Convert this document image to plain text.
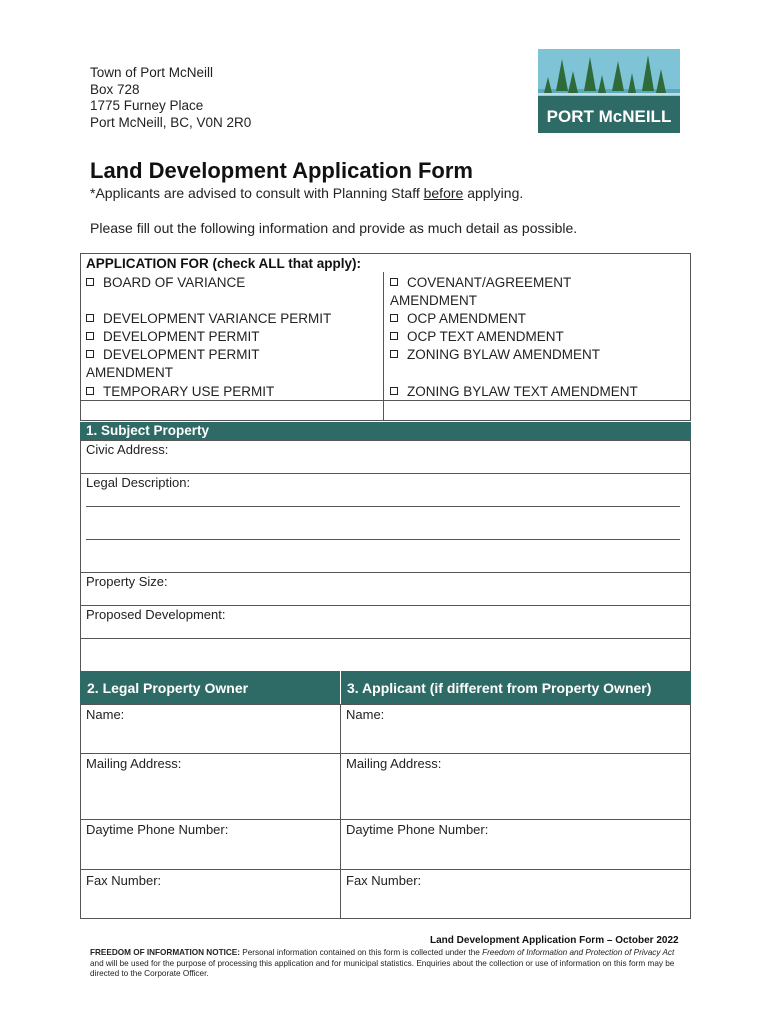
Town of Port McNeill
Box 728
1775 Furney Place
Port McNeill, BC, V0N 2R0	PORT McNEILL
Land Development Application Form
*Applicants are advised to consult with Planning Staff before applying.
Please fill out the following information and provide as much detail as possible.
APPLICATION FOR (check ALL that apply):
BOARD OF VARIANCE
DEVELOPMENT VARIANCE PERMIT
DEVELOPMENT PERMIT
DEVELOPMENT PERMIT AMENDMENT
TEMPORARY USE PERMIT
COVENANT/AGREEMENT AMENDMENT
OCP AMENDMENT
OCP TEXT AMENDMENT
ZONING BYLAW AMENDMENT
ZONING BYLAW TEXT AMENDMENT
1. Subject Property
Civic Address:
Legal Description:
Property Size:
Proposed Development:
2. Legal Property Owner	3. Applicant (if different from Property Owner)
Name:
Mailing Address:
Daytime Phone Number:
Fax Number:
Name:
Mailing Address:
Daytime Phone Number:
Fax Number:
Land Development Application Form – October 2022
FREEDOM OF INFORMATION NOTICE: Personal information contained on this form is collected under the Freedom of Information and Protection of Privacy Act and will be used for the purpose of processing this application and for municipal statistics. Enquiries about the collection or use of information on this form may be directed to the Corporate Officer.
